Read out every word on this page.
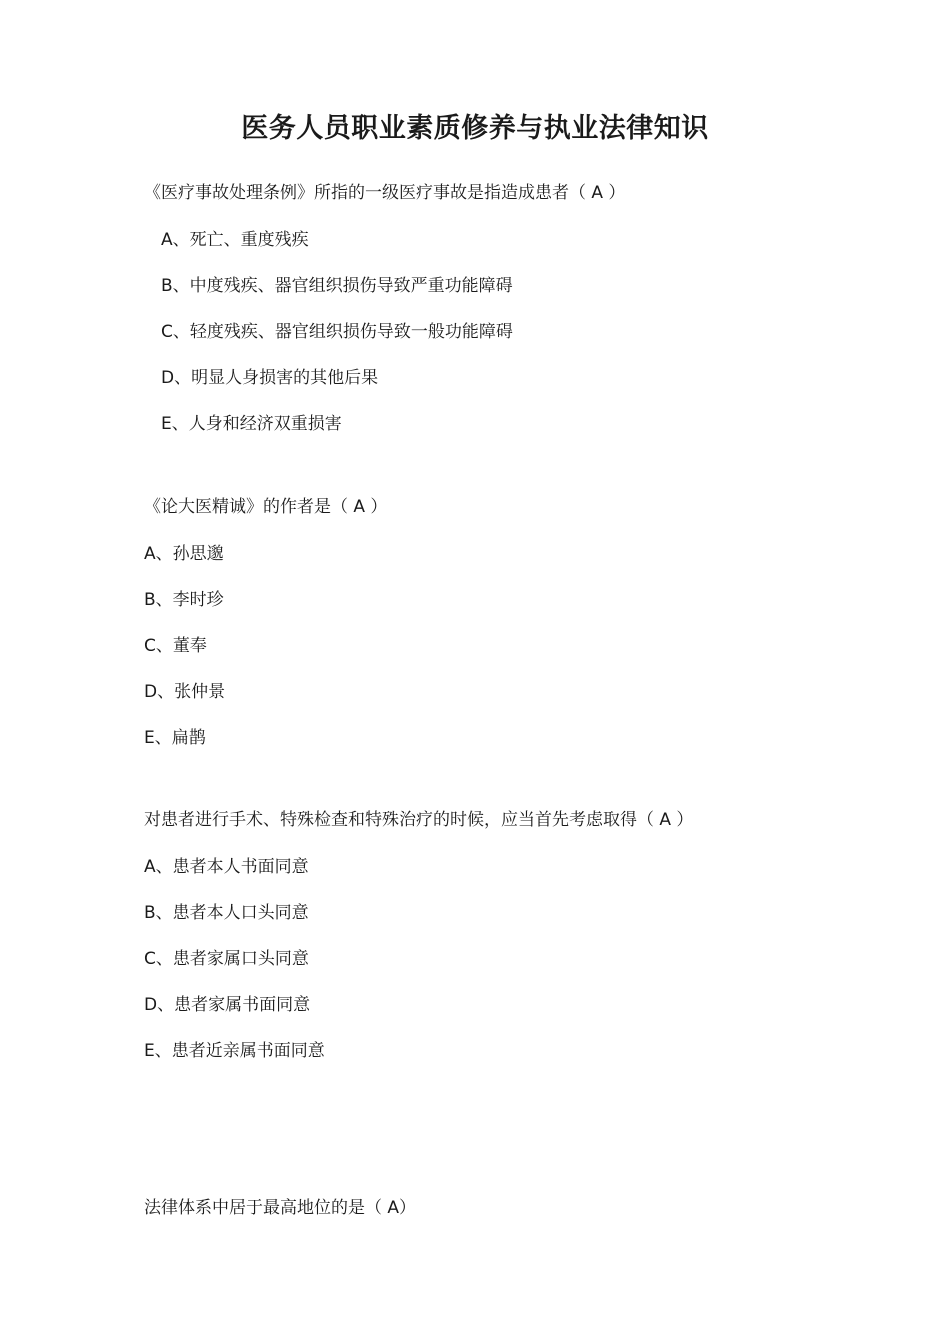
医务人员职业素质修养与执业法律知识
《医疗事故处理条例》所指的一级医疗事故是指造成患者（ A ）
A、死亡、重度残疾
B、中度残疾、器官组织损伤导致严重功能障碍
C、轻度残疾、器官组织损伤导致一般功能障碍
D、明显人身损害的其他后果
E、人身和经济双重损害
《论大医精诚》的作者是（ A ）
A、孙思邈
B、李时珍
C、董奉
D、张仲景
E、扁鹊
对患者进行手术、特殊检查和特殊治疗的时候，应当首先考虑取得（ A ）
A、患者本人书面同意
B、患者本人口头同意
C、患者家属口头同意
D、患者家属书面同意
E、患者近亲属书面同意
法律体系中居于最高地位的是（ A）
